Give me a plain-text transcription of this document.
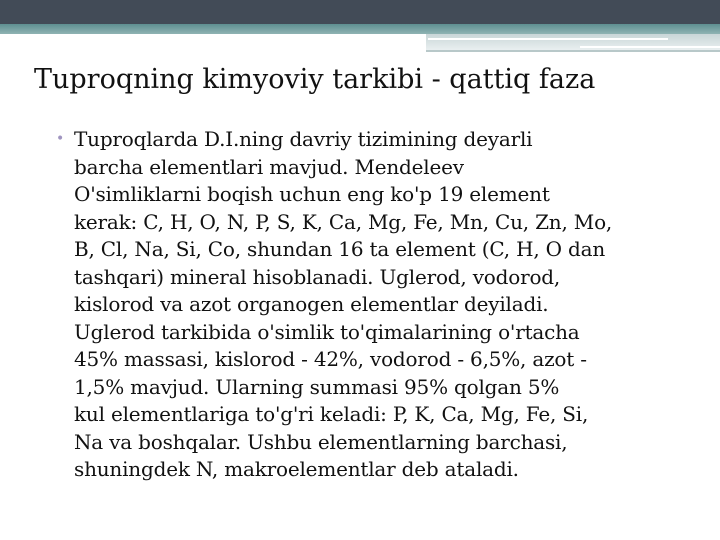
Tuproqning kimyoviy tarkibi - qattiq faza
• Tuproqlarda D.I.ning davriy tizimining deyarli
barcha elementlari mavjud. Mendeleev
O'simliklarni boqish uchun eng ko'p 19 element
kerak: C, H, O, N, P, S, K, Ca, Mg, Fe, Mn, Cu, Zn, Mo,
B, Cl, Na, Si, Co, shundan 16 ta element (C, H, O dan
tashqari) mineral hisoblanadi. Uglerod, vodorod,
kislorod va azot organogen elementlar deyiladi.
Uglerod tarkibida o'simlik to'qimalarining o'rtacha
45% massasi, kislorod - 42%, vodorod - 6,5%, azot -
1,5% mavjud. Ularning summasi 95% qolgan 5%
kul elementlariga to'g'ri keladi: P, K, Ca, Mg, Fe, Si,
Na va boshqalar. Ushbu elementlarning barchasi,
shuningdek N, makroelementlar deb ataladi.
